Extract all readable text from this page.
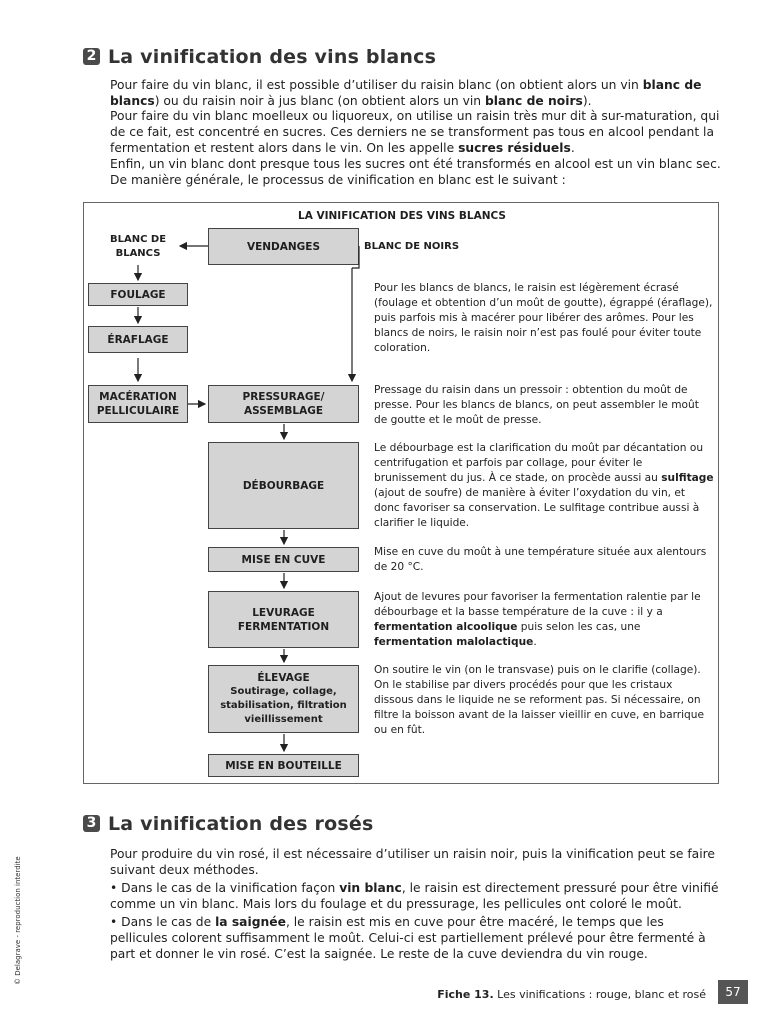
2 La vinification des vins blancs

Pour faire du vin blanc, il est possible d’utiliser du raisin blanc (on obtient alors un vin blanc de blancs) ou du raisin noir à jus blanc (on obtient alors un vin blanc de noirs).

Pour faire du vin blanc moelleux ou liquoreux, on utilise un raisin très mur dit à sur-maturation, qui de ce fait, est concentré en sucres. Ces derniers ne se transforment pas tous en alcool pendant la fermentation et restent alors dans le vin. On les appelle sucres résiduels.

Enfin, un vin blanc dont presque tous les sucres ont été transformés en alcool est un vin blanc sec.

De manière générale, le processus de vinification en blanc est le suivant :

LA VINIFICATION DES VINS BLANCS
BLANC DE BLANCS
BLANC DE NOIRS
VENDANGES
FOULAGE
ÉRAFLAGE
MACÉRATION PELLICULAIRE
PRESSURAGE/ ASSEMBLAGE
DÉBOURBAGE
MISE EN CUVE
LEVURAGE FERMENTATION
ÉLEVAGE
Soutirage, collage, stabilisation, filtration vieillissement
MISE EN BOUTEILLE

Pour les blancs de blancs, le raisin est légèrement écrasé (foulage et obtention d’un moût de goutte), égrappé (éraflage), puis parfois mis à macérer pour libérer des arômes. Pour les blancs de noirs, le raisin noir n’est pas foulé pour éviter toute coloration.

Pressage du raisin dans un pressoir : obtention du moût de presse. Pour les blancs de blancs, on peut assembler le moût de goutte et le moût de presse.

Le débourbage est la clarification du moût par décantation ou centrifugation et parfois par collage, pour éviter le brunissement du jus. À ce stade, on procède aussi au sulfitage (ajout de soufre) de manière à éviter l’oxydation du vin, et donc favoriser sa conservation. Le sulfitage contribue aussi à clarifier le liquide.

Mise en cuve du moût à une température située aux alentours de 20 °C.

Ajout de levures pour favoriser la fermentation ralentie par le débourbage et la basse température de la cuve : il y a fermentation alcoolique puis selon les cas, une fermentation malolactique.

On soutire le vin (on le transvase) puis on le clarifie (collage). On le stabilise par divers procédés pour que les cristaux dissous dans le liquide ne se reforment pas. Si nécessaire, on filtre la boisson avant de la laisser vieillir en cuve, en barrique ou en fût.

3 La vinification des rosés

Pour produire du vin rosé, il est nécessaire d’utiliser un raisin noir, puis la vinification peut se faire suivant deux méthodes.

• Dans le cas de la vinification façon vin blanc, le raisin est directement pressuré pour être vinifié comme un vin blanc. Mais lors du foulage et du pressurage, les pellicules ont coloré le moût.

• Dans le cas de la saignée, le raisin est mis en cuve pour être macéré, le temps que les pellicules colorent suffisamment le moût. Celui-ci est partiellement prélevé pour être fermenté à part et donner le vin rosé. C’est la saignée. Le reste de la cuve deviendra du vin rouge.

© Delagrave - reproduction interdite
Fiche 13. Les vinifications : rouge, blanc et rosé	57
